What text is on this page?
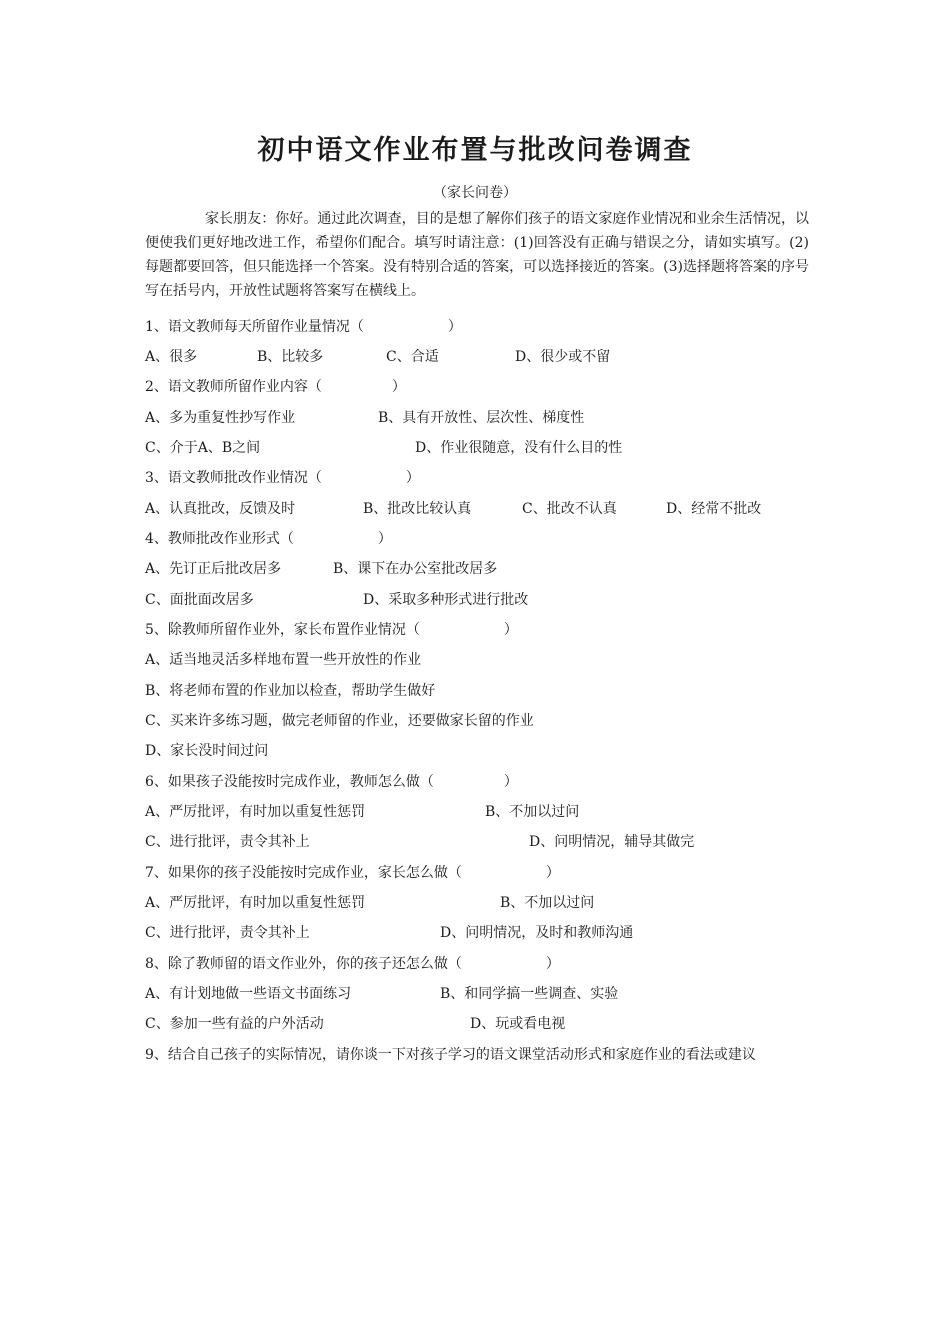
初中语文作业布置与批改问卷调查
（家长问卷）
家长朋友：你好。通过此次调查，目的是想了解你们孩子的语文家庭作业情况和业余生活情况，以便使我们更好地改进工作，希望你们配合。填写时请注意：(1)回答没有正确与错误之分，请如实填写。(2)每题都要回答，但只能选择一个答案。没有特别合适的答案，可以选择接近的答案。(3)选择题将答案的序号写在括号内，开放性试题将答案写在横线上。
1、语文教师每天所留作业量情况（　　　　　　）
A、很多	B、比较多	C、合适	D、很少或不留
2、语文教师所留作业内容（　　　　　）
A、多为重复性抄写作业	B、具有开放性、层次性、梯度性
C、介于A、B之间	D、作业很随意，没有什么目的性
3、语文教师批改作业情况（　　　　　　）
A、认真批改，反馈及时	B、批改比较认真	C、批改不认真	D、经常不批改
4、教师批改作业形式（　　　　　　）
A、先订正后批改居多	B、课下在办公室批改居多
C、面批面改居多	D、采取多种形式进行批改
5、除教师所留作业外，家长布置作业情况（　　　　　　）
A、适当地灵活多样地布置一些开放性的作业
B、将老师布置的作业加以检查，帮助学生做好
C、买来许多练习题，做完老师留的作业，还要做家长留的作业
D、家长没时间过问
6、如果孩子没能按时完成作业，教师怎么做（　　　　　）
A、严厉批评，有时加以重复性惩罚	B、不加以过问
C、进行批评，责令其补上	D、问明情况，辅导其做完
7、如果你的孩子没能按时完成作业，家长怎么做（　　　　　　）
A、严厉批评，有时加以重复性惩罚	B、不加以过问
C、进行批评，责令其补上	D、问明情况，及时和教师沟通
8、除了教师留的语文作业外，你的孩子还怎么做（　　　　　　）
A、有计划地做一些语文书面练习	B、和同学搞一些调查、实验
C、参加一些有益的户外活动	D、玩或看电视
9、结合自己孩子的实际情况，请你谈一下对孩子学习的语文课堂活动形式和家庭作业的看法或建议
